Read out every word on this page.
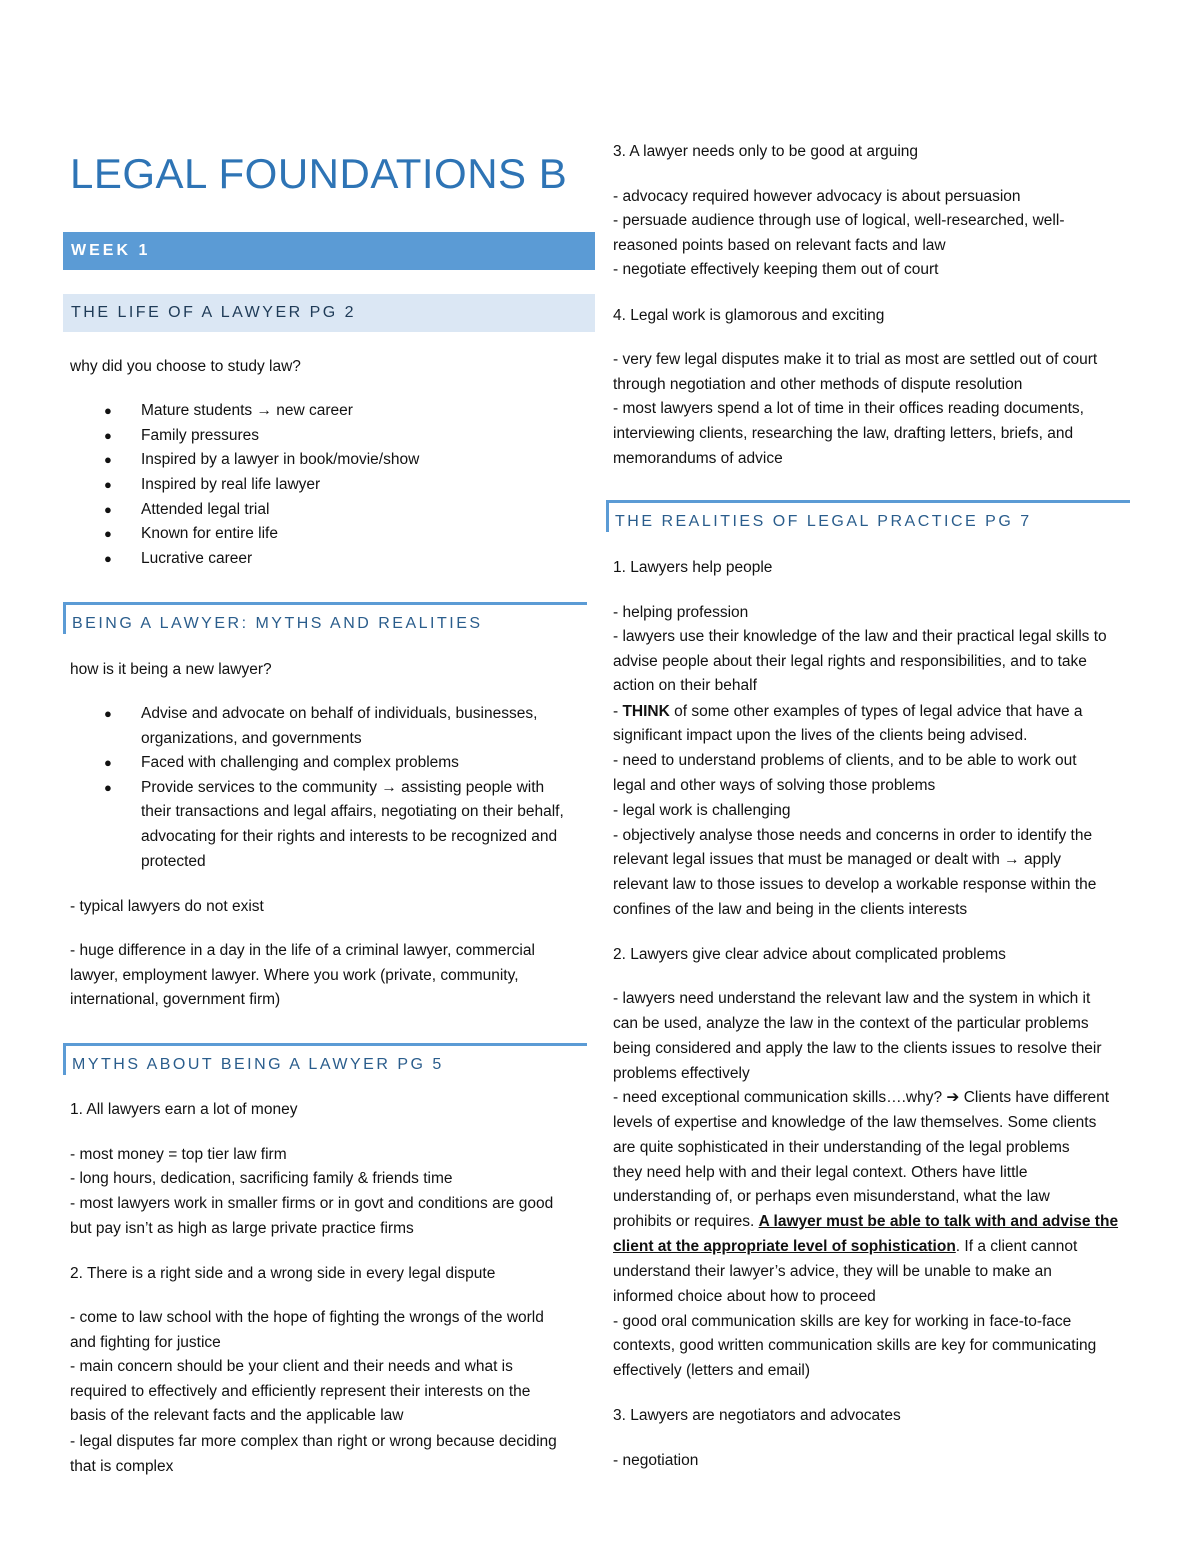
LEGAL FOUNDATIONS B
WEEK 1
THE LIFE OF A LAWYER PG 2
why did you choose to study law?
● Mature students → new career
● Family pressures
● Inspired by a lawyer in book/movie/show
● Inspired by real life lawyer
● Attended legal trial
● Known for entire life
● Lucrative career
BEING A LAWYER: MYTHS AND REALITIES
how is it being a new lawyer?
● Advise and advocate on behalf of individuals, businesses,
organizations, and governments
● Faced with challenging and complex problems
● Provide services to the community → assisting people with
their transactions and legal affairs, negotiating on their behalf,
advocating for their rights and interests to be recognized and
protected
- typical lawyers do not exist
- huge difference in a day in the life of a criminal lawyer, commercial
lawyer, employment lawyer. Where you work (private, community,
international, government firm)
MYTHS ABOUT BEING A LAWYER PG 5
1. All lawyers earn a lot of money
- most money = top tier law firm
- long hours, dedication, sacrificing family & friends time
- most lawyers work in smaller firms or in govt and conditions are good
but pay isn’t as high as large private practice firms
2. There is a right side and a wrong side in every legal dispute
- come to law school with the hope of fighting the wrongs of the world
and fighting for justice
- main concern should be your client and their needs and what is
required to effectively and efficiently represent their interests on the
basis of the relevant facts and the applicable law
- legal disputes far more complex than right or wrong because deciding
that is complex
3. A lawyer needs only to be good at arguing
- advocacy required however advocacy is about persuasion
- persuade audience through use of logical, well-researched, well-
reasoned points based on relevant facts and law
- negotiate effectively keeping them out of court
4. Legal work is glamorous and exciting
- very few legal disputes make it to trial as most are settled out of court
through negotiation and other methods of dispute resolution
- most lawyers spend a lot of time in their offices reading documents,
interviewing clients, researching the law, drafting letters, briefs, and
memorandums of advice
THE REALITIES OF LEGAL PRACTICE PG 7
1. Lawyers help people
- helping profession
- lawyers use their knowledge of the law and their practical legal skills to
advise people about their legal rights and responsibilities, and to take
action on their behalf
- THINK of some other examples of types of legal advice that have a
significant impact upon the lives of the clients being advised.
- need to understand problems of clients, and to be able to work out
legal and other ways of solving those problems
- legal work is challenging
- objectively analyse those needs and concerns in order to identify the
relevant legal issues that must be managed or dealt with → apply
relevant law to those issues to develop a workable response within the
confines of the law and being in the clients interests
2. Lawyers give clear advice about complicated problems
- lawyers need understand the relevant law and the system in which it
can be used, analyze the law in the context of the particular problems
being considered and apply the law to the clients issues to resolve their
problems effectively
- need exceptional communication skills….why? ➔ Clients have different
levels of expertise and knowledge of the law themselves. Some clients
are quite sophisticated in their understanding of the legal problems
they need help with and their legal context. Others have little
understanding of, or perhaps even misunderstand, what the law
prohibits or requires. A lawyer must be able to talk with and advise the
client at the appropriate level of sophistication. If a client cannot
understand their lawyer’s advice, they will be unable to make an
informed choice about how to proceed
- good oral communication skills are key for working in face-to-face
contexts, good written communication skills are key for communicating
effectively (letters and email)
3. Lawyers are negotiators and advocates
- negotiation
